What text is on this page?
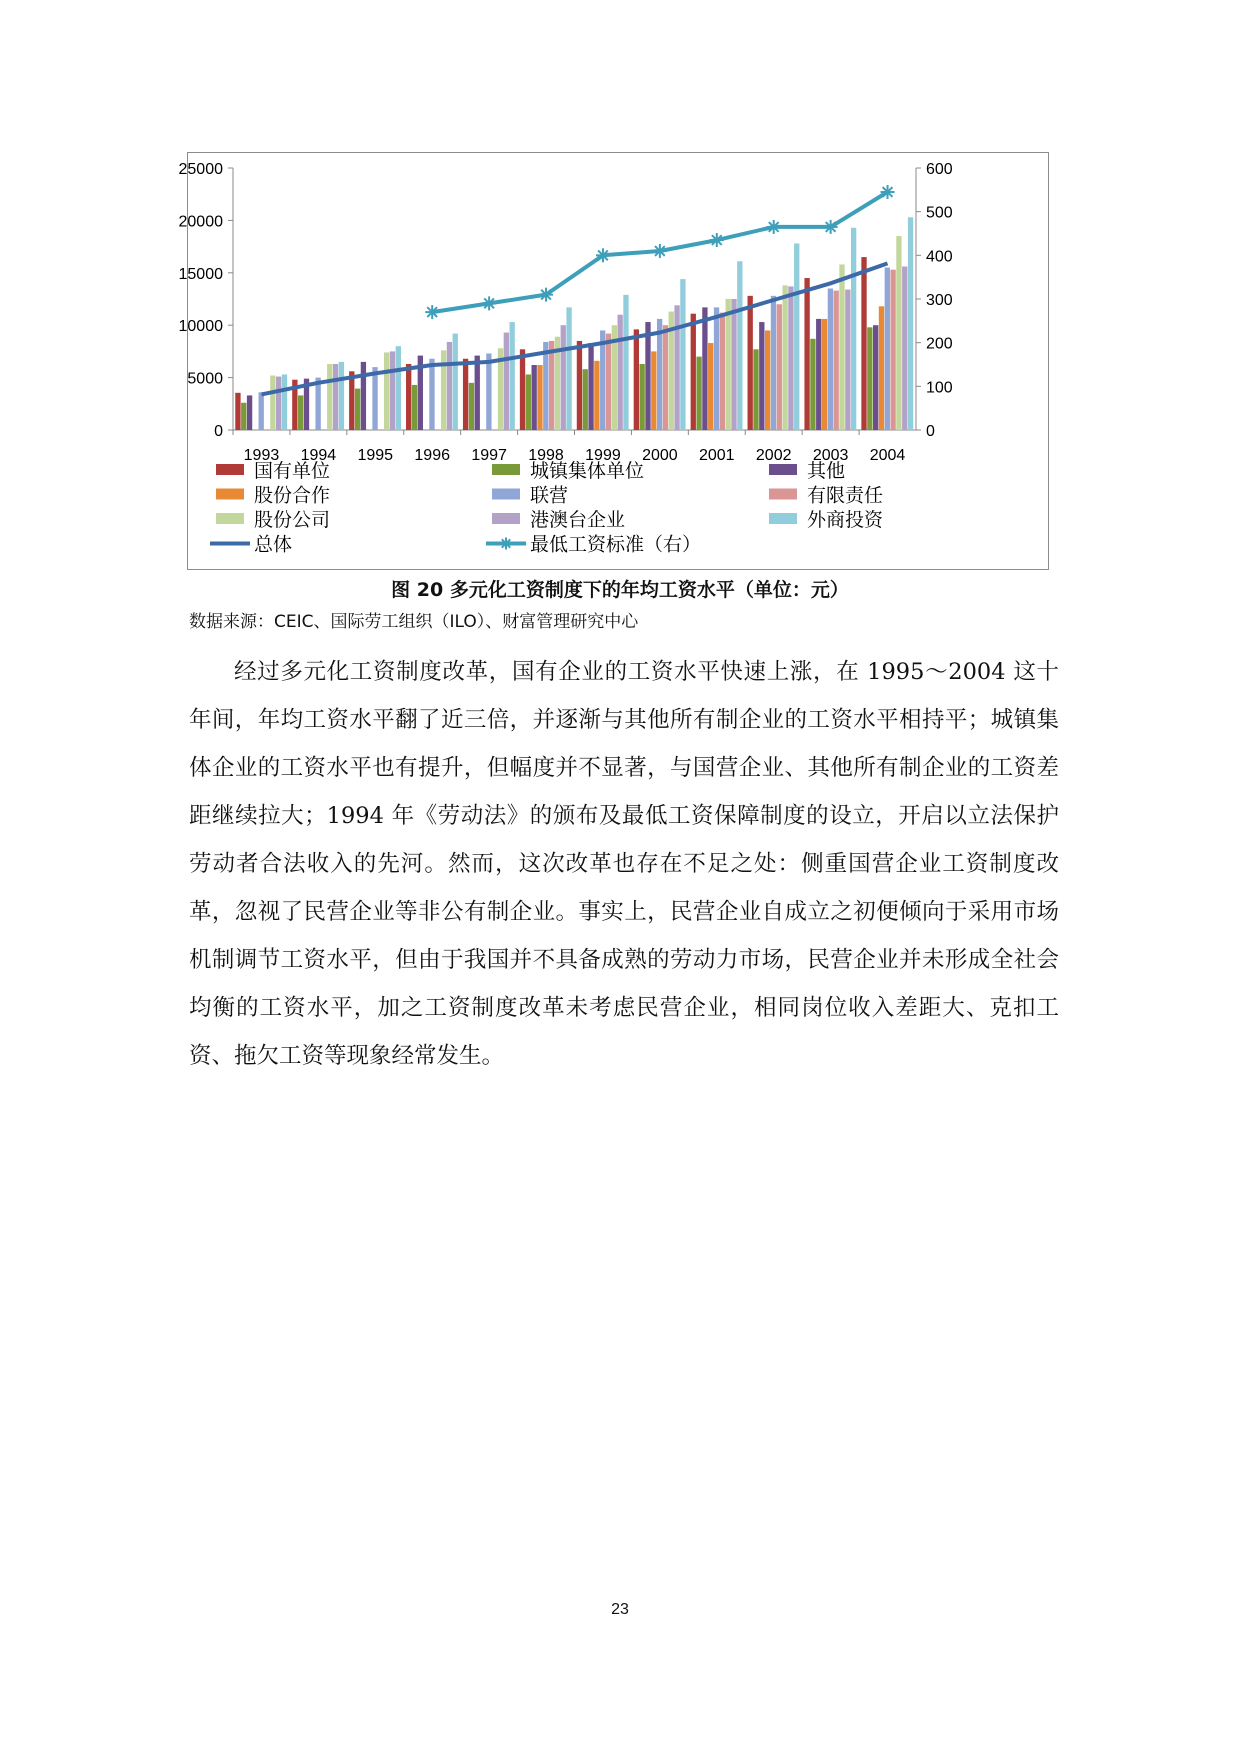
25000
20000
15000
10000
5000
0
600
500
400
300
200
100
0
1993 1994 1995 1996 1997 1998 1999 2000 2001 2002 2003 2004
国有单位	城镇集体单位	其他
股份合作	联营	有限责任
股份公司	港澳台企业	外商投资
总体	最低工资标准（右）
图 20 多元化工资制度下的年均工资水平（单位：元）
数据来源：CEIC、国际劳工组织（ILO）、财富管理研究中心

经过多元化工资制度改革，国有企业的工资水平快速上涨，在 1995～2004 这十年间，年均工资水平翻了近三倍，并逐渐与其他所有制企业的工资水平相持平；城镇集体企业的工资水平也有提升，但幅度并不显著，与国营企业、其他所有制企业的工资差距继续拉大；1994 年《劳动法》的颁布及最低工资保障制度的设立，开启以立法保护劳动者合法收入的先河。然而，这次改革也存在不足之处：侧重国营企业工资制度改革，忽视了民营企业等非公有制企业。事实上，民营企业自成立之初便倾向于采用市场机制调节工资水平，但由于我国并不具备成熟的劳动力市场，民营企业并未形成全社会均衡的工资水平，加之工资制度改革未考虑民营企业，相同岗位收入差距大、克扣工资、拖欠工资等现象经常发生。

23
